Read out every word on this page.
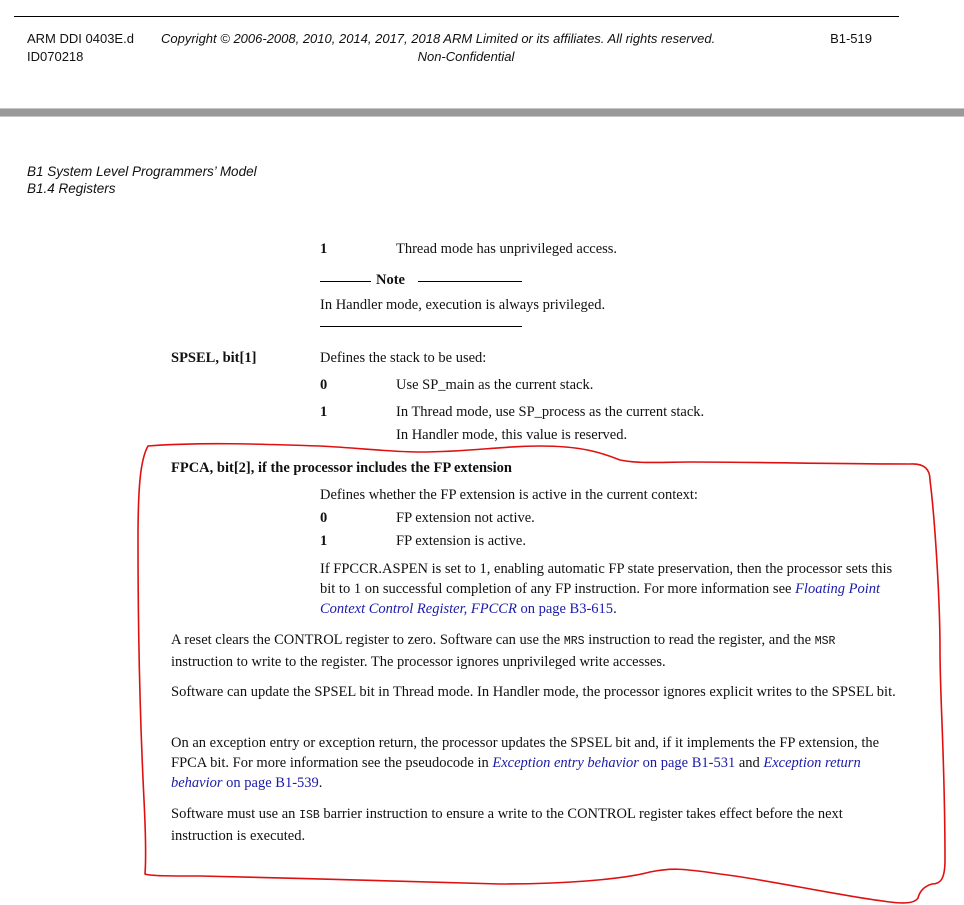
ARM DDI 0403E.d
ID070218
Copyright © 2006-2008, 2010, 2014, 2017, 2018 ARM Limited or its affiliates. All rights reserved.
Non-Confidential
B1-519
B1 System Level Programmers’ Model
B1.4 Registers
1	Thread mode has unprivileged access.
Note
In Handler mode, execution is always privileged.
SPSEL, bit[1]	Defines the stack to be used:
0	Use SP_main as the current stack.
1	In Thread mode, use SP_process as the current stack.
In Handler mode, this value is reserved.
FPCA, bit[2], if the processor includes the FP extension
Defines whether the FP extension is active in the current context:
0	FP extension not active.
1	FP extension is active.
If FPCCR.ASPEN is set to 1, enabling automatic FP state preservation, then the processor sets this bit to 1 on successful completion of any FP instruction. For more information see Floating Point Context Control Register, FPCCR on page B3-615.
A reset clears the CONTROL register to zero. Software can use the MRS instruction to read the register, and the MSR instruction to write to the register. The processor ignores unprivileged write accesses.
Software can update the SPSEL bit in Thread mode. In Handler mode, the processor ignores explicit writes to the SPSEL bit.
On an exception entry or exception return, the processor updates the SPSEL bit and, if it implements the FP extension, the FPCA bit. For more information see the pseudocode in Exception entry behavior on page B1-531 and Exception return behavior on page B1-539.
Software must use an ISB barrier instruction to ensure a write to the CONTROL register takes effect before the next instruction is executed.
